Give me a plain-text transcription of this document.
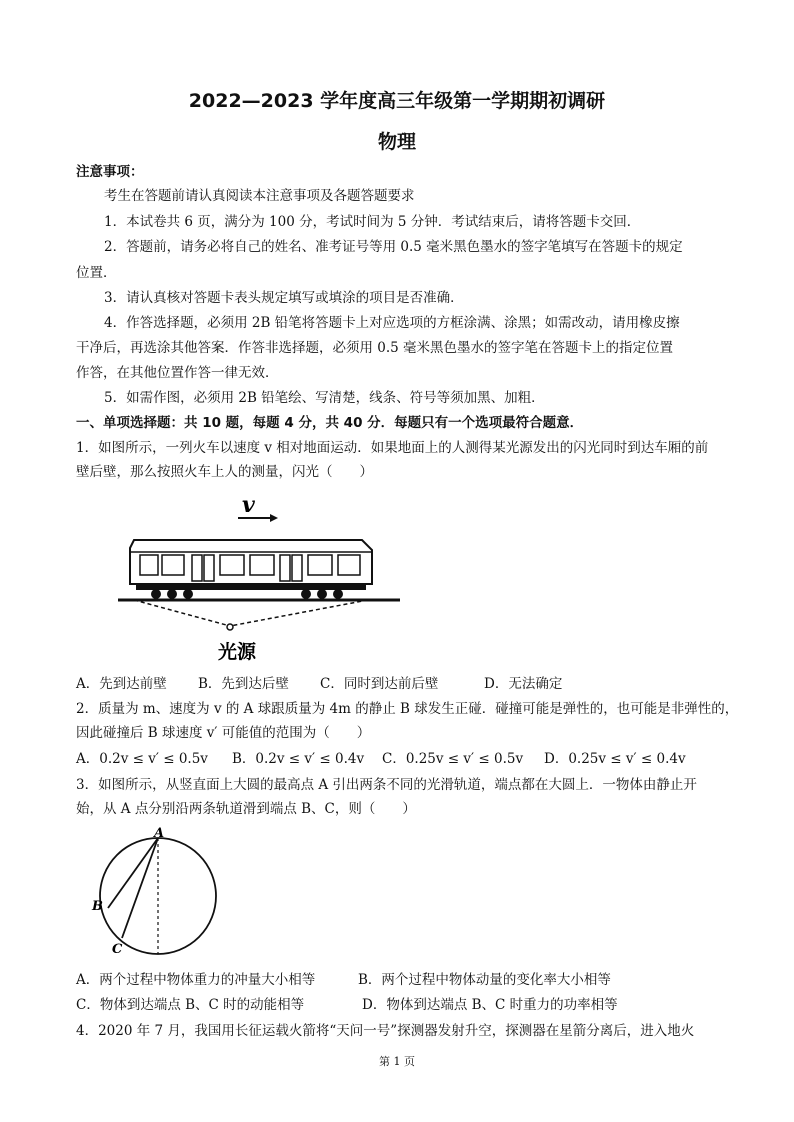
2022—2023 学年度高三年级第一学期期初调研
物理
注意事项：
考生在答题前请认真阅读本注意事项及各题答题要求
1．本试卷共 6 页，满分为 100 分，考试时间为 5 分钟．考试结束后，请将答题卡交回．
2．答题前，请务必将自己的姓名、准考证号等用 0.5 毫米黑色墨水的签字笔填写在答题卡的规定
位置．
3．请认真核对答题卡表头规定填写或填涂的项目是否准确．
4．作答选择题，必须用 2B 铅笔将答题卡上对应选项的方框涂满、涂黑；如需改动，请用橡皮擦
干净后，再选涂其他答案．作答非选择题，必须用 0.5 毫米黑色墨水的签字笔在答题卡上的指定位置
作答，在其他位置作答一律无效．
5．如需作图，必须用 2B 铅笔绘、写清楚，线条、符号等须加黑、加粗．
一、单项选择题：共 10 题，每题 4 分，共 40 分．每题只有一个选项最符合题意．
1．如图所示，一列火车以速度 v 相对地面运动．如果地面上的人测得某光源发出的闪光同时到达车厢的前
壁后壁，那么按照火车上人的测量，闪光（　　）
v
光源
A．先到达前壁 B．先到达后壁 C．同时到达前后壁	D．无法确定
2．质量为 m、速度为 v 的 A 球跟质量为 4m 的静止 B 球发生正碰．碰撞可能是弹性的，也可能是非弹性的，
因此碰撞后 B 球速度 v′ 可能值的范围为（　　）
A．0.2v ≤ v′ ≤ 0.5v B．0.2v ≤ v′ ≤ 0.4v C．0.25v ≤ v′ ≤ 0.5v D．0.25v ≤ v′ ≤ 0.4v
3．如图所示，从竖直面上大圆的最高点 A 引出两条不同的光滑轨道，端点都在大圆上．一物体由静止开
始，从 A 点分别沿两条轨道滑到端点 B、C，则（　　）
A
B
C
A．两个过程中物体重力的冲量大小相等	B．两个过程中物体动量的变化率大小相等
C．物体到达端点 B、C 时的动能相等	D．物体到达端点 B、C 时重力的功率相等
4．2020 年 7 月，我国用长征运载火箭将“天问一号”探测器发射升空，探测器在星箭分离后，进入地火
第 1 页
